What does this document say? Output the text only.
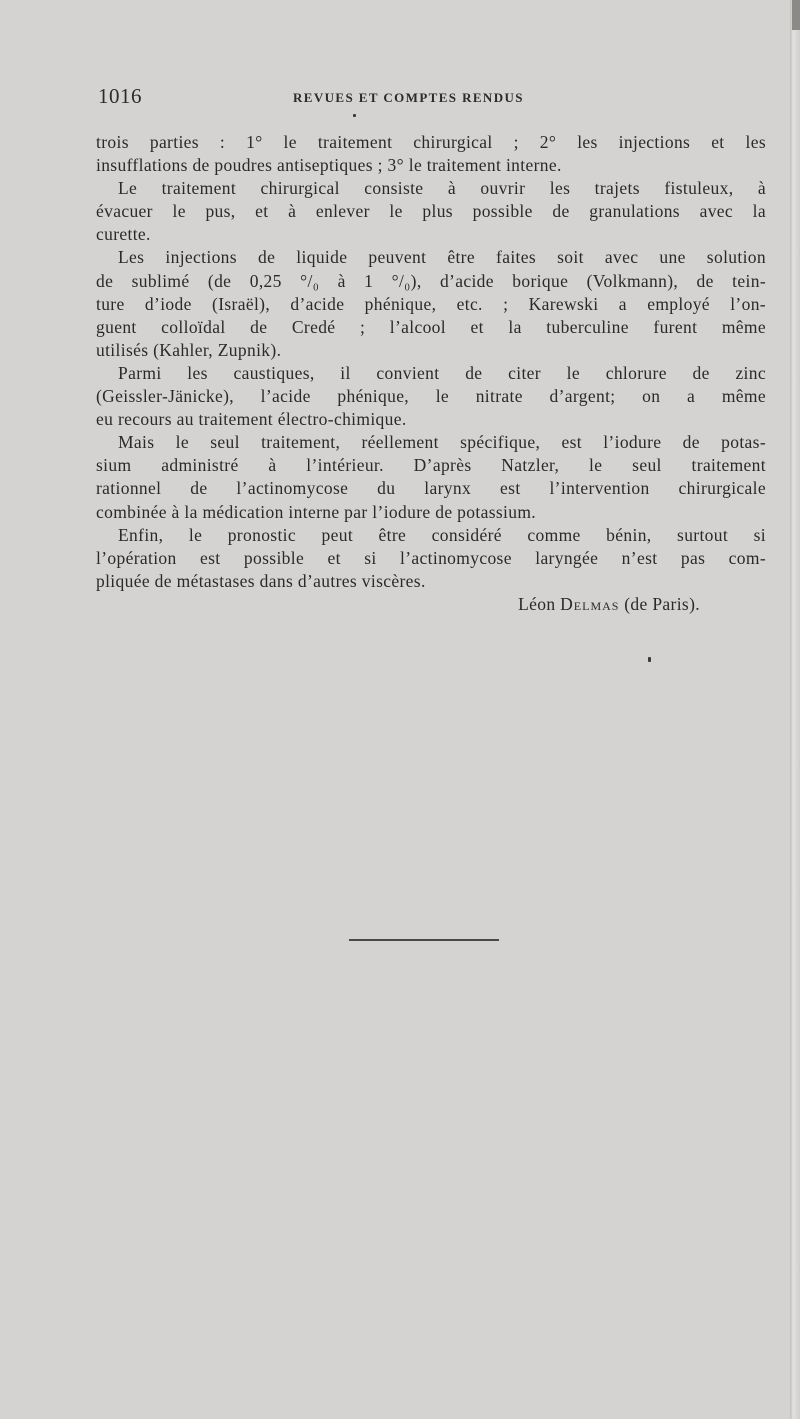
1016	REVUES ET COMPTES RENDUS
trois parties : 1° le traitement chirurgical ; 2° les injections et les
insufflations de poudres antiseptiques ; 3° le traitement interne.
Le traitement chirurgical consiste à ouvrir les trajets fistuleux, à
évacuer le pus, et à enlever le plus possible de granulations avec la
curette.
Les injections de liquide peuvent être faites soit avec une solution
de sublimé (de 0,25 °/₀ à 1 °/₀), d’acide borique (Volkmann), de tein-
ture d’iode (Israël), d’acide phénique, etc. ; Karewski a employé l’on-
guent colloïdal de Credé ; l’alcool et la tuberculine furent même
utilisés (Kahler, Zupnik).
Parmi les caustiques, il convient de citer le chlorure de zinc
(Geissler-Jänicke), l’acide phénique, le nitrate d’argent; on a même
eu recours au traitement électro-chimique.
Mais le seul traitement, réellement spécifique, est l’iodure de potas-
sium administré à l’intérieur. D’après Natzler, le seul traitement
rationnel de l’actinomycose du larynx est l’intervention chirurgicale
combinée à la médication interne par l’iodure de potassium.
Enfin, le pronostic peut être considéré comme bénin, surtout si
l’opération est possible et si l’actinomycose laryngée n’est pas com-
pliquée de métastases dans d’autres viscères.
Léon Delmas (de Paris).
